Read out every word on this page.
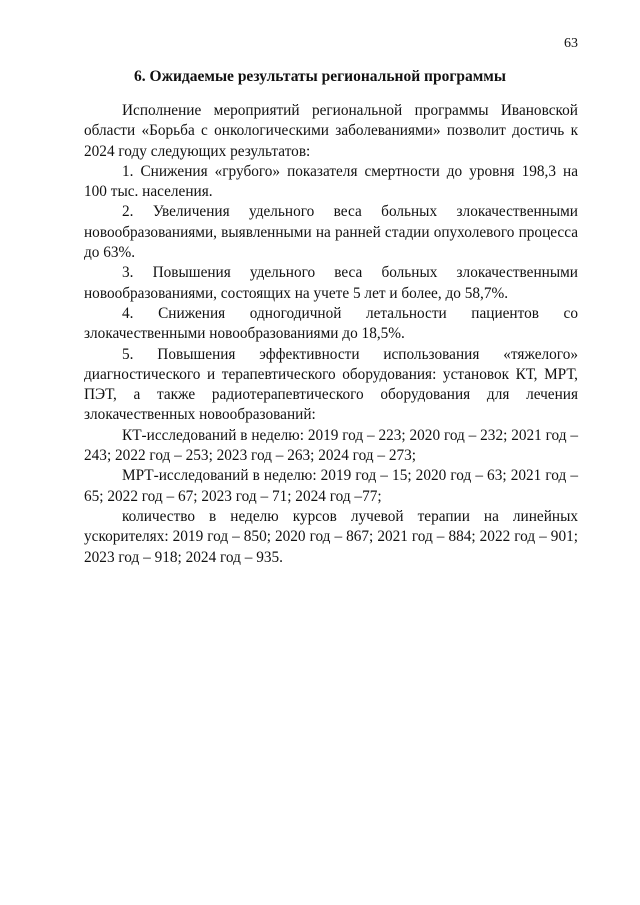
63
6. Ожидаемые результаты региональной программы

Исполнение мероприятий региональной программы Ивановской области «Борьба с онкологическими заболеваниями» позволит достичь к 2024 году следующих результатов:

1. Снижения «грубого» показателя смертности до уровня 198,3 на 100 тыс. населения.

2. Увеличения удельного веса больных злокачественными новообразованиями, выявленными на ранней стадии опухолевого процесса до 63%.

3. Повышения удельного веса больных злокачественными новообразованиями, состоящих на учете 5 лет и более, до 58,7%.

4. Снижения одногодичной летальности пациентов со злокачественными новообразованиями до 18,5%.

5. Повышения эффективности использования «тяжелого» диагностического и терапевтического оборудования: установок КТ, МРТ, ПЭТ, а также радиотерапевтического оборудования для лечения злокачественных новообразований:

КТ-исследований в неделю: 2019 год – 223; 2020 год – 232; 2021 год – 243; 2022 год – 253; 2023 год – 263; 2024 год – 273;

МРТ-исследований в неделю: 2019 год – 15; 2020 год – 63; 2021 год – 65; 2022 год – 67; 2023 год – 71; 2024 год –77;

количество в неделю курсов лучевой терапии на линейных ускорителях: 2019 год – 850; 2020 год – 867; 2021 год – 884; 2022 год – 901; 2023 год – 918; 2024 год – 935.
